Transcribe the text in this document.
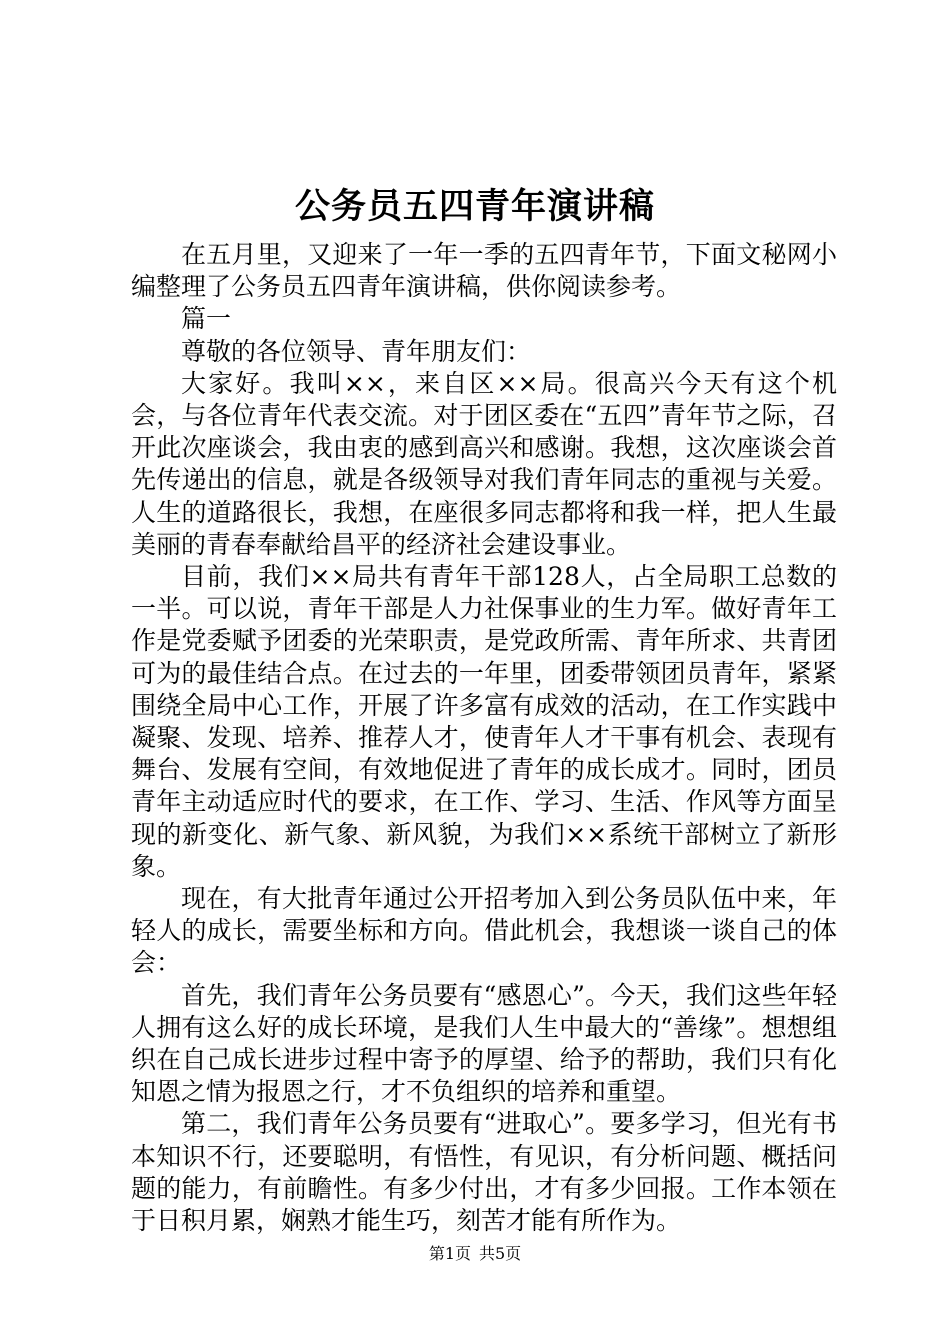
公务员五四青年演讲稿

在五月里，又迎来了一年一季的五四青年节，下面文秘网小编整理了公务员五四青年演讲稿，供你阅读参考。

篇一

尊敬的各位领导、青年朋友们：

大家好。我叫××，来自区××局。很高兴今天有这个机会，与各位青年代表交流。对于团区委在“五四”青年节之际，召开此次座谈会，我由衷的感到高兴和感谢。我想，这次座谈会首先传递出的信息，就是各级领导对我们青年同志的重视与关爱。人生的道路很长，我想，在座很多同志都将和我一样，把人生最美丽的青春奉献给昌平的经济社会建设事业。

目前，我们××局共有青年干部128人，占全局职工总数的一半。可以说，青年干部是人力社保事业的生力军。做好青年工作是党委赋予团委的光荣职责，是党政所需、青年所求、共青团可为的最佳结合点。在过去的一年里，团委带领团员青年，紧紧围绕全局中心工作，开展了许多富有成效的活动，在工作实践中凝聚、发现、培养、推荐人才，使青年人才干事有机会、表现有舞台、发展有空间，有效地促进了青年的成长成才。同时，团员青年主动适应时代的要求，在工作、学习、生活、作风等方面呈现的新变化、新气象、新风貌，为我们××系统干部树立了新形象。

现在，有大批青年通过公开招考加入到公务员队伍中来，年轻人的成长，需要坐标和方向。借此机会，我想谈一谈自己的体会：

首先，我们青年公务员要有“感恩心”。今天，我们这些年轻人拥有这么好的成长环境，是我们人生中最大的“善缘”。想想组织在自己成长进步过程中寄予的厚望、给予的帮助，我们只有化知恩之情为报恩之行，才不负组织的培养和重望。

第二，我们青年公务员要有“进取心”。要多学习，但光有书本知识不行，还要聪明，有悟性，有见识，有分析问题、概括问题的能力，有前瞻性。有多少付出，才有多少回报。工作本领在于日积月累，娴熟才能生巧，刻苦才能有所作为。

第1页 共5页
